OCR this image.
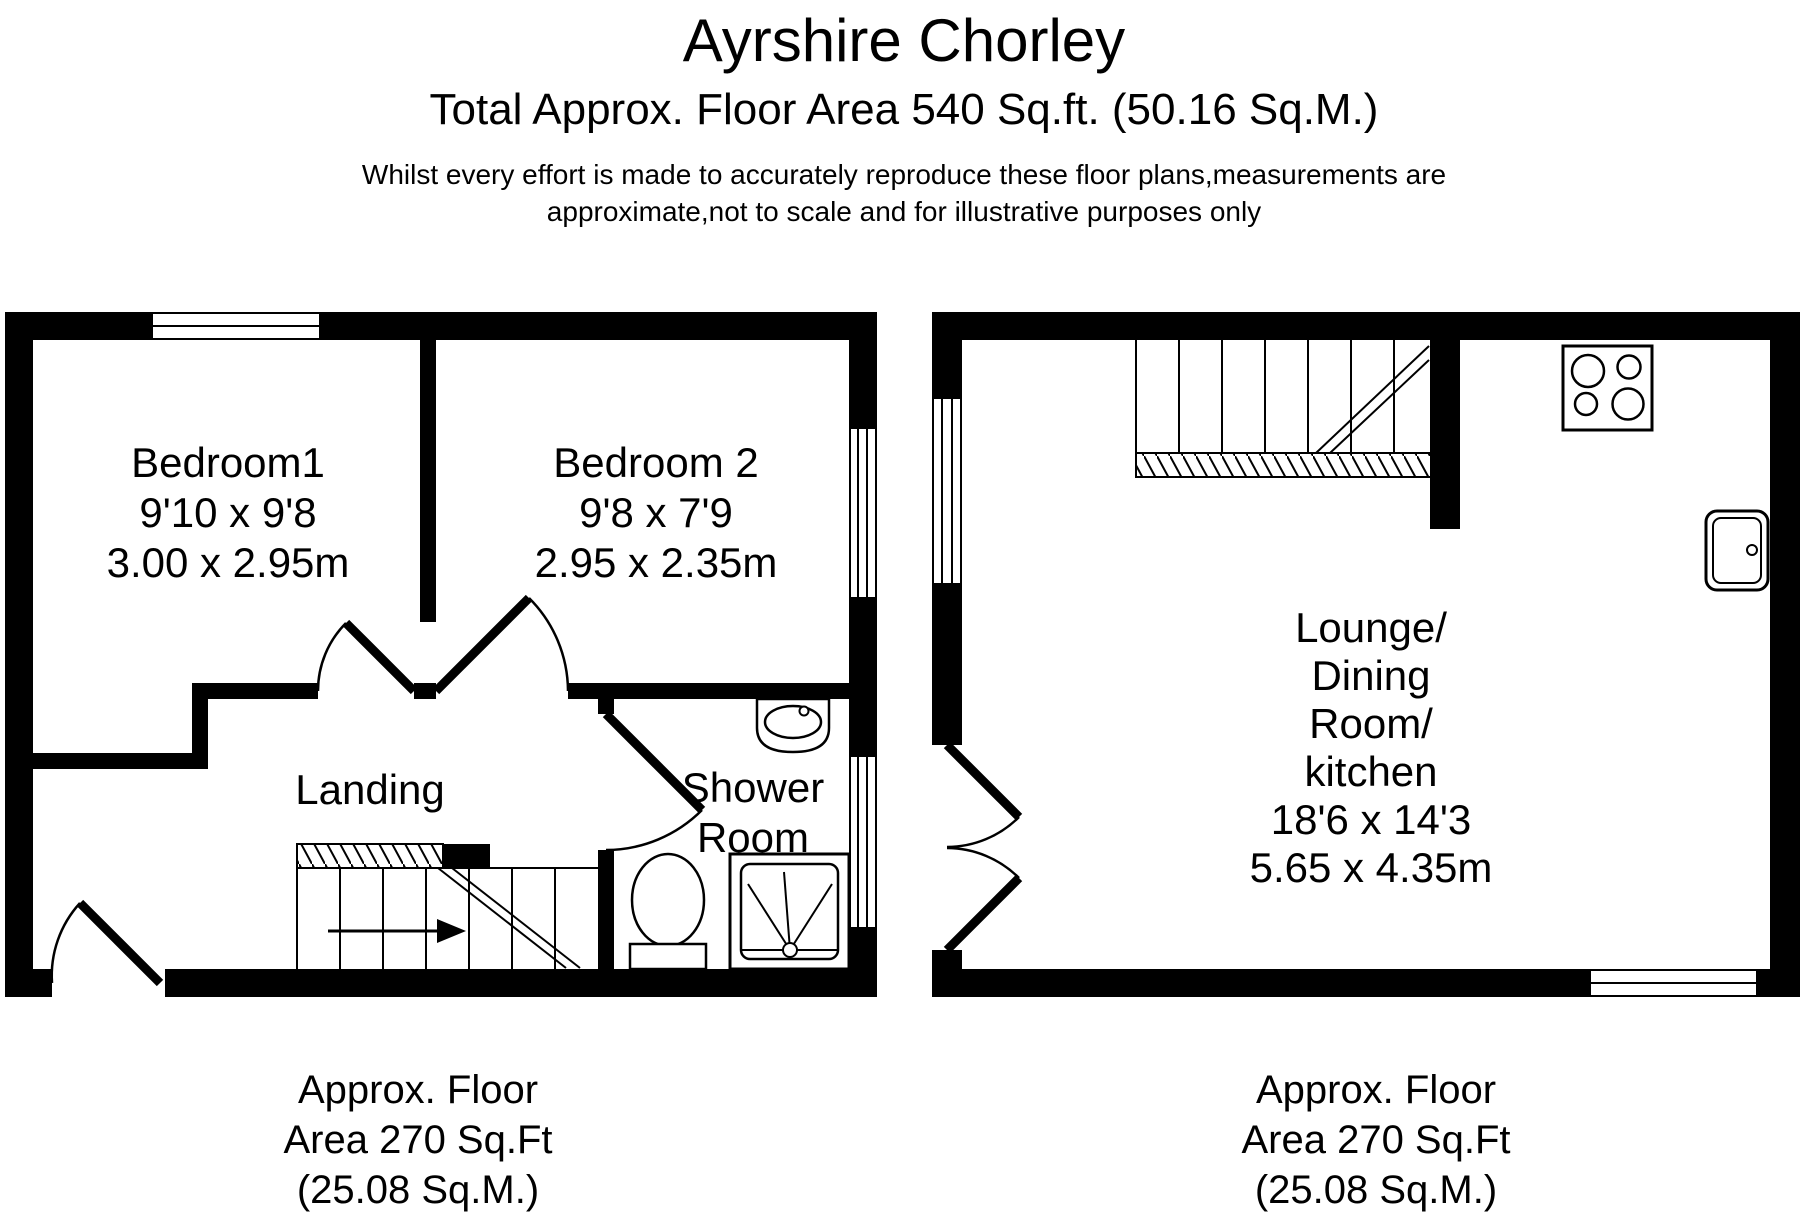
Ayrshire Chorley
Total Approx. Floor Area 540 Sq.ft. (50.16 Sq.M.)
Whilst every effort is made to accurately reproduce these floor plans,measurements are
approximate,not to scale and for illustrative purposes only
Bedroom1
9'10 x 9'8
3.00 x 2.95m
Bedroom 2
9'8 x 7'9
2.95 x 2.35m
Landing	Shower
Room
Lounge/
Dining
Room/
kitchen
18'6 x 14'3
5.65 x 4.35m
Approx. Floor
Area 270 Sq.Ft
(25.08 Sq.M.)
Approx. Floor
Area 270 Sq.Ft
(25.08 Sq.M.)
